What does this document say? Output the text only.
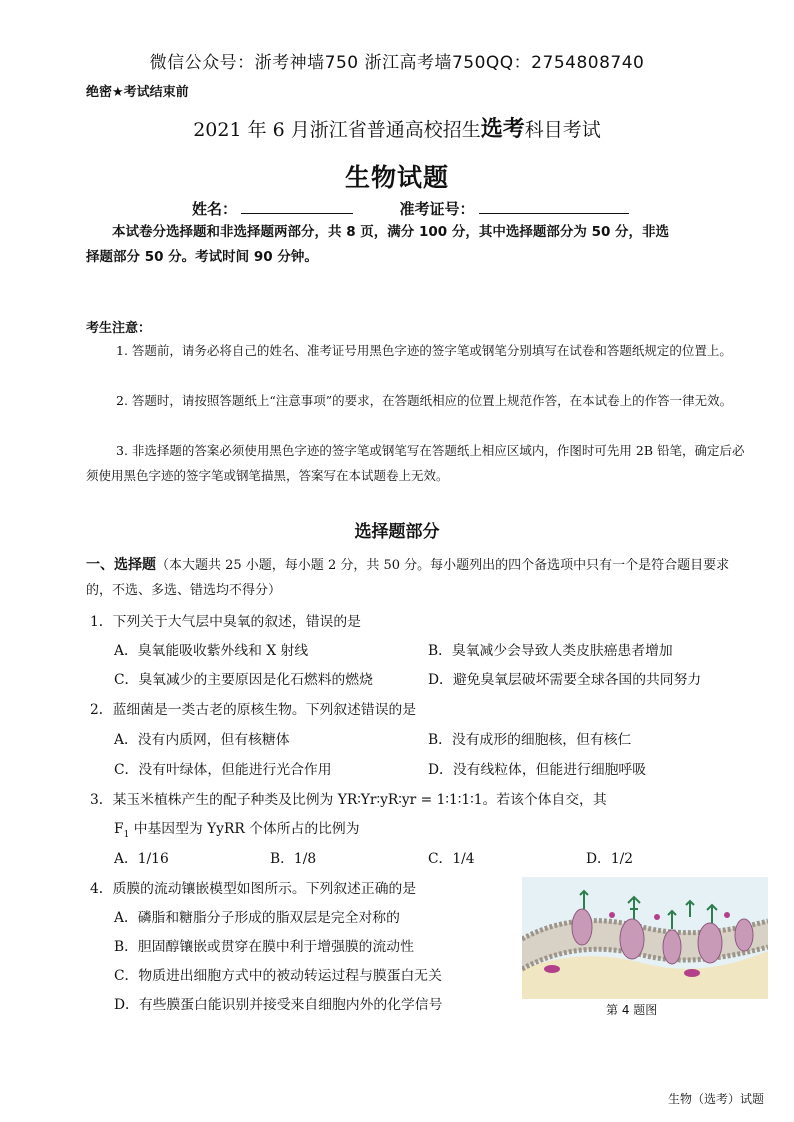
微信公众号：浙考神墙750 浙江高考墙750QQ：2754808740
绝密★考试结束前
2021 年 6 月浙江省普通高校招生选考科目考试
生物试题
姓名：	准考证号：
本试卷分选择题和非选择题两部分，共 8 页，满分 100 分，其中选择题部分为 50 分，非选
择题部分 50 分。考试时间 90 分钟。
考生注意：
1. 答题前，请务必将自己的姓名、准考证号用黑色字迹的签字笔或钢笔分别填写在试卷和答题纸规定的位置上。
2. 答题时，请按照答题纸上“注意事项”的要求，在答题纸相应的位置上规范作答，在本试卷上的作答一律无效。
3. 非选择题的答案必须使用黑色字迹的签字笔或钢笔写在答题纸上相应区域内，作图时可先用 2B 铅笔，确定后必须使用黑色字迹的签字笔或钢笔描黑，答案写在本试题卷上无效。
选择题部分
一、选择题（本大题共 25 小题，每小题 2 分，共 50 分。每小题列出的四个备选项中只有一个是符合题目要求的，不选、多选、错选均不得分）
1．下列关于大气层中臭氧的叙述，错误的是
A．臭氧能吸收紫外线和 X 射线	B．臭氧减少会导致人类皮肤癌患者增加
C．臭氧减少的主要原因是化石燃料的燃烧	D．避免臭氧层破坏需要全球各国的共同努力
2．蓝细菌是一类古老的原核生物。下列叙述错误的是
A．没有内质网，但有核糖体	B．没有成形的细胞核，但有核仁
C．没有叶绿体，但能进行光合作用	D．没有线粒体，但能进行细胞呼吸
3．某玉米植株产生的配子种类及比例为 YR∶Yr∶yR∶yr = 1∶1∶1∶1。若该个体自交，其
$F_1$ 中基因型为 YyRR 个体所占的比例为
A．1/16	B．1/8	C．1/4	D．1/2
4．质膜的流动镶嵌模型如图所示。下列叙述正确的是
A．磷脂和糖脂分子形成的脂双层是完全对称的
B．胆固醇镶嵌或贯穿在膜中利于增强膜的流动性
C．物质进出细胞方式中的被动转运过程与膜蛋白无关
D．有些膜蛋白能识别并接受来自细胞内外的化学信号	第 4 题图
生物（选考）试题
